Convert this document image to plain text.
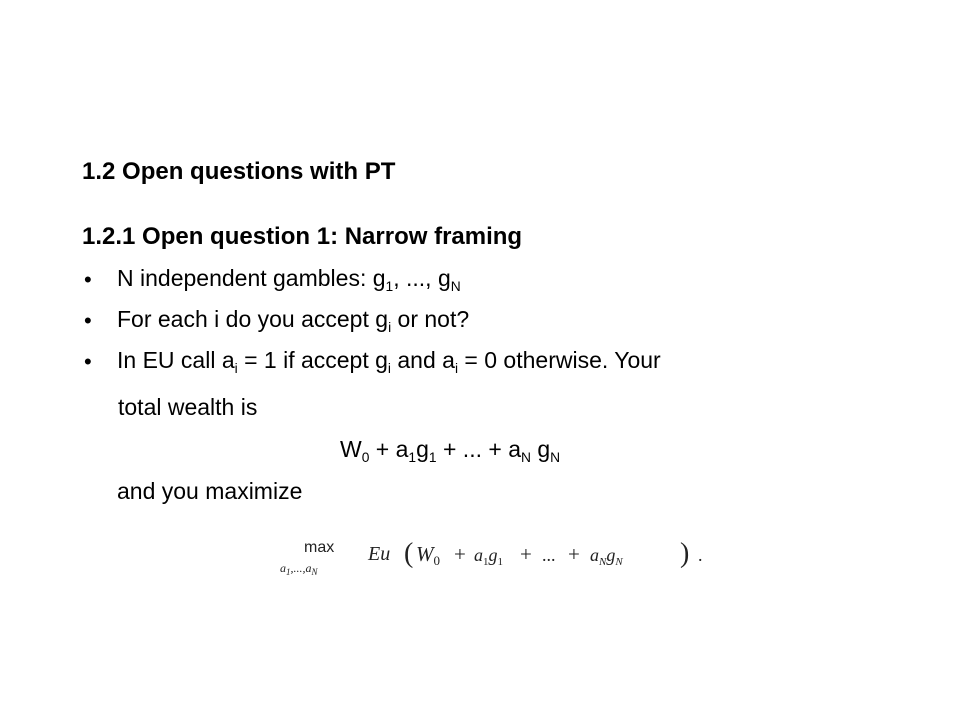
1.2 Open questions with PT
1.2.1 Open question 1: Narrow framing
• N independent gambles: $g_1$, ..., $g_N$
• For each i do you accept $g_i$ or not?
• In EU call $a_i = 1$ if accept $g_i$ and $a_i = 0$ otherwise. Your
total wealth is
$W_0 + a_1g_1$ + ... + $a_N$ $g_N$
and you maximize
max
$a_1,...,a_N$
Eu ( $W0 + a_1g_1$ + ... + $a_Ng_N$ ) .
